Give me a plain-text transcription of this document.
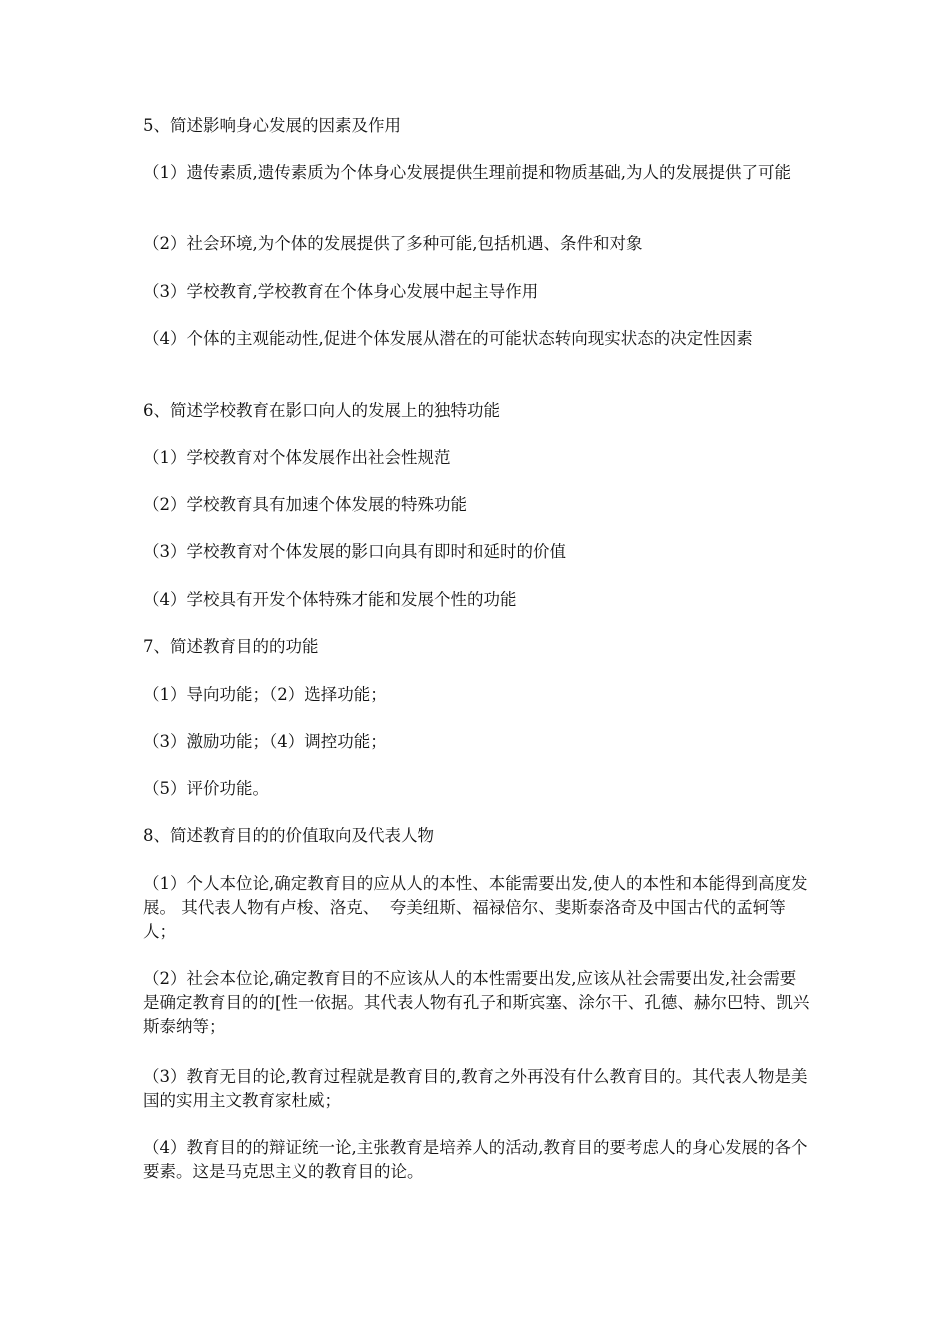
5、简述影响身心发展的因素及作用

（1）遗传素质,遗传素质为个体身心发展提供生理前提和物质基础,为人的发展提供了可能

（2）社会环境,为个体的发展提供了多种可能,包括机遇、条件和对象

（3）学校教育,学校教育在个体身心发展中起主导作用

（4）个体的主观能动性,促进个体发展从潜在的可能状态转向现实状态的决定性因素

6、简述学校教育在影口向人的发展上的独特功能

（1）学校教育对个体发展作出社会性规范

（2）学校教育具有加速个体发展的特殊功能

（3）学校教育对个体发展的影口向具有即时和延时的价值

（4）学校具有开发个体特殊才能和发展个性的功能

7、简述教育目的的功能

（1）导向功能；（2）选择功能；

（3）激励功能；（4）调控功能；

（5）评价功能。

8、简述教育目的的价值取向及代表人物

（1）个人本位论,确定教育目的应从人的本性、本能需要出发,使人的本性和本能得到高度发展。 其代表人物有卢梭、洛克、  夸美纽斯、福禄倍尔、斐斯泰洛奇及中国古代的孟轲等人；

（2）社会本位论,确定教育目的不应该从人的本性需要出发,应该从社会需要出发,社会需要是确定教育目的的[性一依据。其代表人物有孔子和斯宾塞、涂尔干、孔德、赫尔巴特、凯兴斯泰纳等；

（3）教育无目的论,教育过程就是教育目的,教育之外再没有什么教育目的。其代表人物是美国的实用主文教育家杜威；

（4）教育目的的辩证统一论,主张教育是培养人的活动,教育目的要考虑人的身心发展的各个要素。这是马克思主义的教育目的论。
